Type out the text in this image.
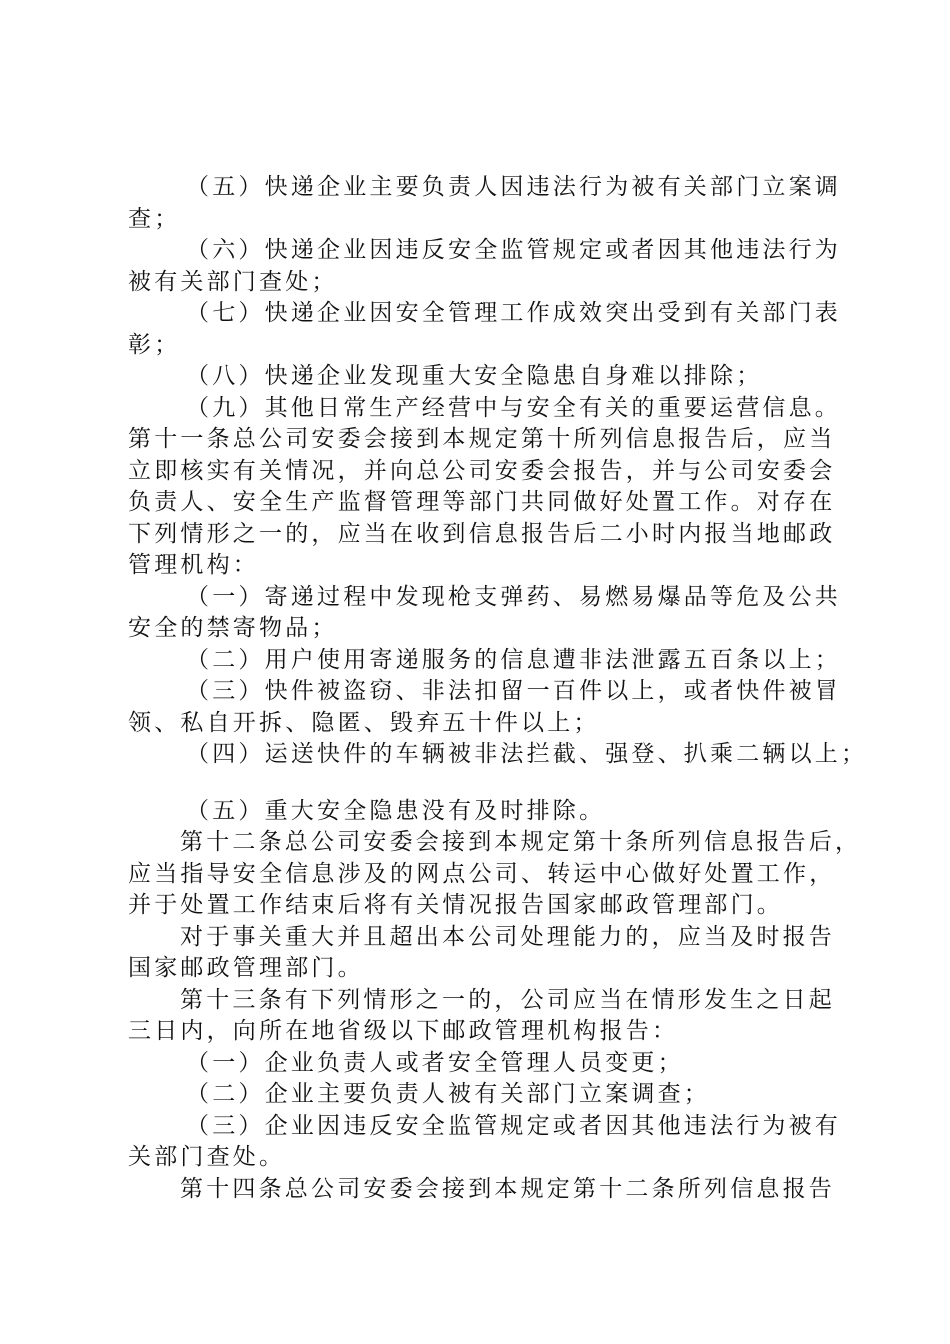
（五）快递企业主要负责人因违法行为被有关部门立案调
查；
（六）快递企业因违反安全监管规定或者因其他违法行为
被有关部门查处；
（七）快递企业因安全管理工作成效突出受到有关部门表
彰；
（八）快递企业发现重大安全隐患自身难以排除；
（九）其他日常生产经营中与安全有关的重要运营信息。
第十一条总公司安委会接到本规定第十所列信息报告后，应当
立即核实有关情况，并向总公司安委会报告，并与公司安委会
负责人、安全生产监督管理等部门共同做好处置工作。对存在
下列情形之一的，应当在收到信息报告后二小时内报当地邮政
管理机构：
（一）寄递过程中发现枪支弹药、易燃易爆品等危及公共
安全的禁寄物品；
（二）用户使用寄递服务的信息遭非法泄露五百条以上；
（三）快件被盗窃、非法扣留一百件以上，或者快件被冒
领、私自开拆、隐匿、毁弃五十件以上；
（四）运送快件的车辆被非法拦截、强登、扒乘二辆以上；
（五）重大安全隐患没有及时排除。
第十二条总公司安委会接到本规定第十条所列信息报告后，
应当指导安全信息涉及的网点公司、转运中心做好处置工作，
并于处置工作结束后将有关情况报告国家邮政管理部门。
对于事关重大并且超出本公司处理能力的，应当及时报告
国家邮政管理部门。
第十三条有下列情形之一的，公司应当在情形发生之日起
三日内，向所在地省级以下邮政管理机构报告：
（一）企业负责人或者安全管理人员变更；
（二）企业主要负责人被有关部门立案调查；
（三）企业因违反安全监管规定或者因其他违法行为被有
关部门查处。
第十四条总公司安委会接到本规定第十二条所列信息报告
